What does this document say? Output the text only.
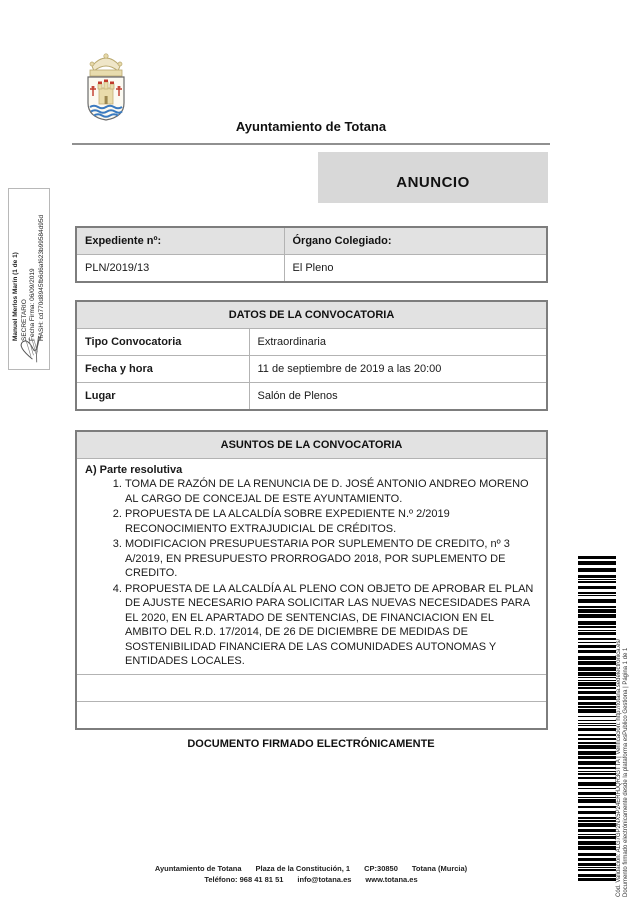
Manuel Merlos Marín (1 de 1) SECRETARIO Fecha Firma: 06/09/2019 HASH: cd770d8945fb6d6af623b99584d95d
Ayuntamiento de Totana
ANUNCIO
Expediente nº:	Órgano Colegiado:
PLN/2019/13	El Pleno
DATOS DE LA CONVOCATORIA	
Tipo Convocatoria	Extraordinaria
Fecha y hora	11 de septiembre de 2019 a las 20:00
Lugar	Salón de Plenos
ASUNTOS DE LA CONVOCATORIA

A) Parte resolutiva
1. TOMA DE RAZÓN DE LA RENUNCIA DE D. JOSÉ ANTONIO ANDREO MORENO AL CARGO DE CONCEJAL DE ESTE AYUNTAMIENTO.
2. PROPUESTA DE LA ALCALDÍA SOBRE EXPEDIENTE N.º 2/2019 RECONOCIMIENTO EXTRAJUDICIAL DE CRÉDITOS.
3. MODIFICACION PRESUPUESTARIA POR SUPLEMENTO DE CREDITO, nº 3 A/2019, EN PRESUPUESTO PRORROGADO 2018, POR SUPLEMENTO DE CREDITO.
4. PROPUESTA DE LA ALCALDÍA AL PLENO CON OBJETO DE APROBAR EL PLAN DE AJUSTE NECESARIO PARA SOLICITAR LAS NUEVAS NECESIDADES PARA EL 2020, EN EL APARTADO DE SENTENCIAS, DE FINANCIACION EN EL AMBITO DEL R.D. 17/2014, DE 26 DE DICIEMBRE DE MEDIDAS DE SOSTENIBILIDAD FINANCIERA DE LAS COMUNIDADES AUTONOMAS Y ENTIDADES LOCALES.

DOCUMENTO FIRMADO ELECTRÓNICAMENTE	Cód. Validación: ALG7GP2NX5P24ERHJQR3GTTA | Verificación: http://totana.sedelectronica.es/ Documento firmado electrónicamente desde la plataforma esPublico Gestiona | Página 1 de 1
Ayuntamiento de Totana Plaza de la Constitución, 1 CP:30850 Totana (Murcia)
Teléfono: 968 41 81 51 info@totana.es www.totana.es
